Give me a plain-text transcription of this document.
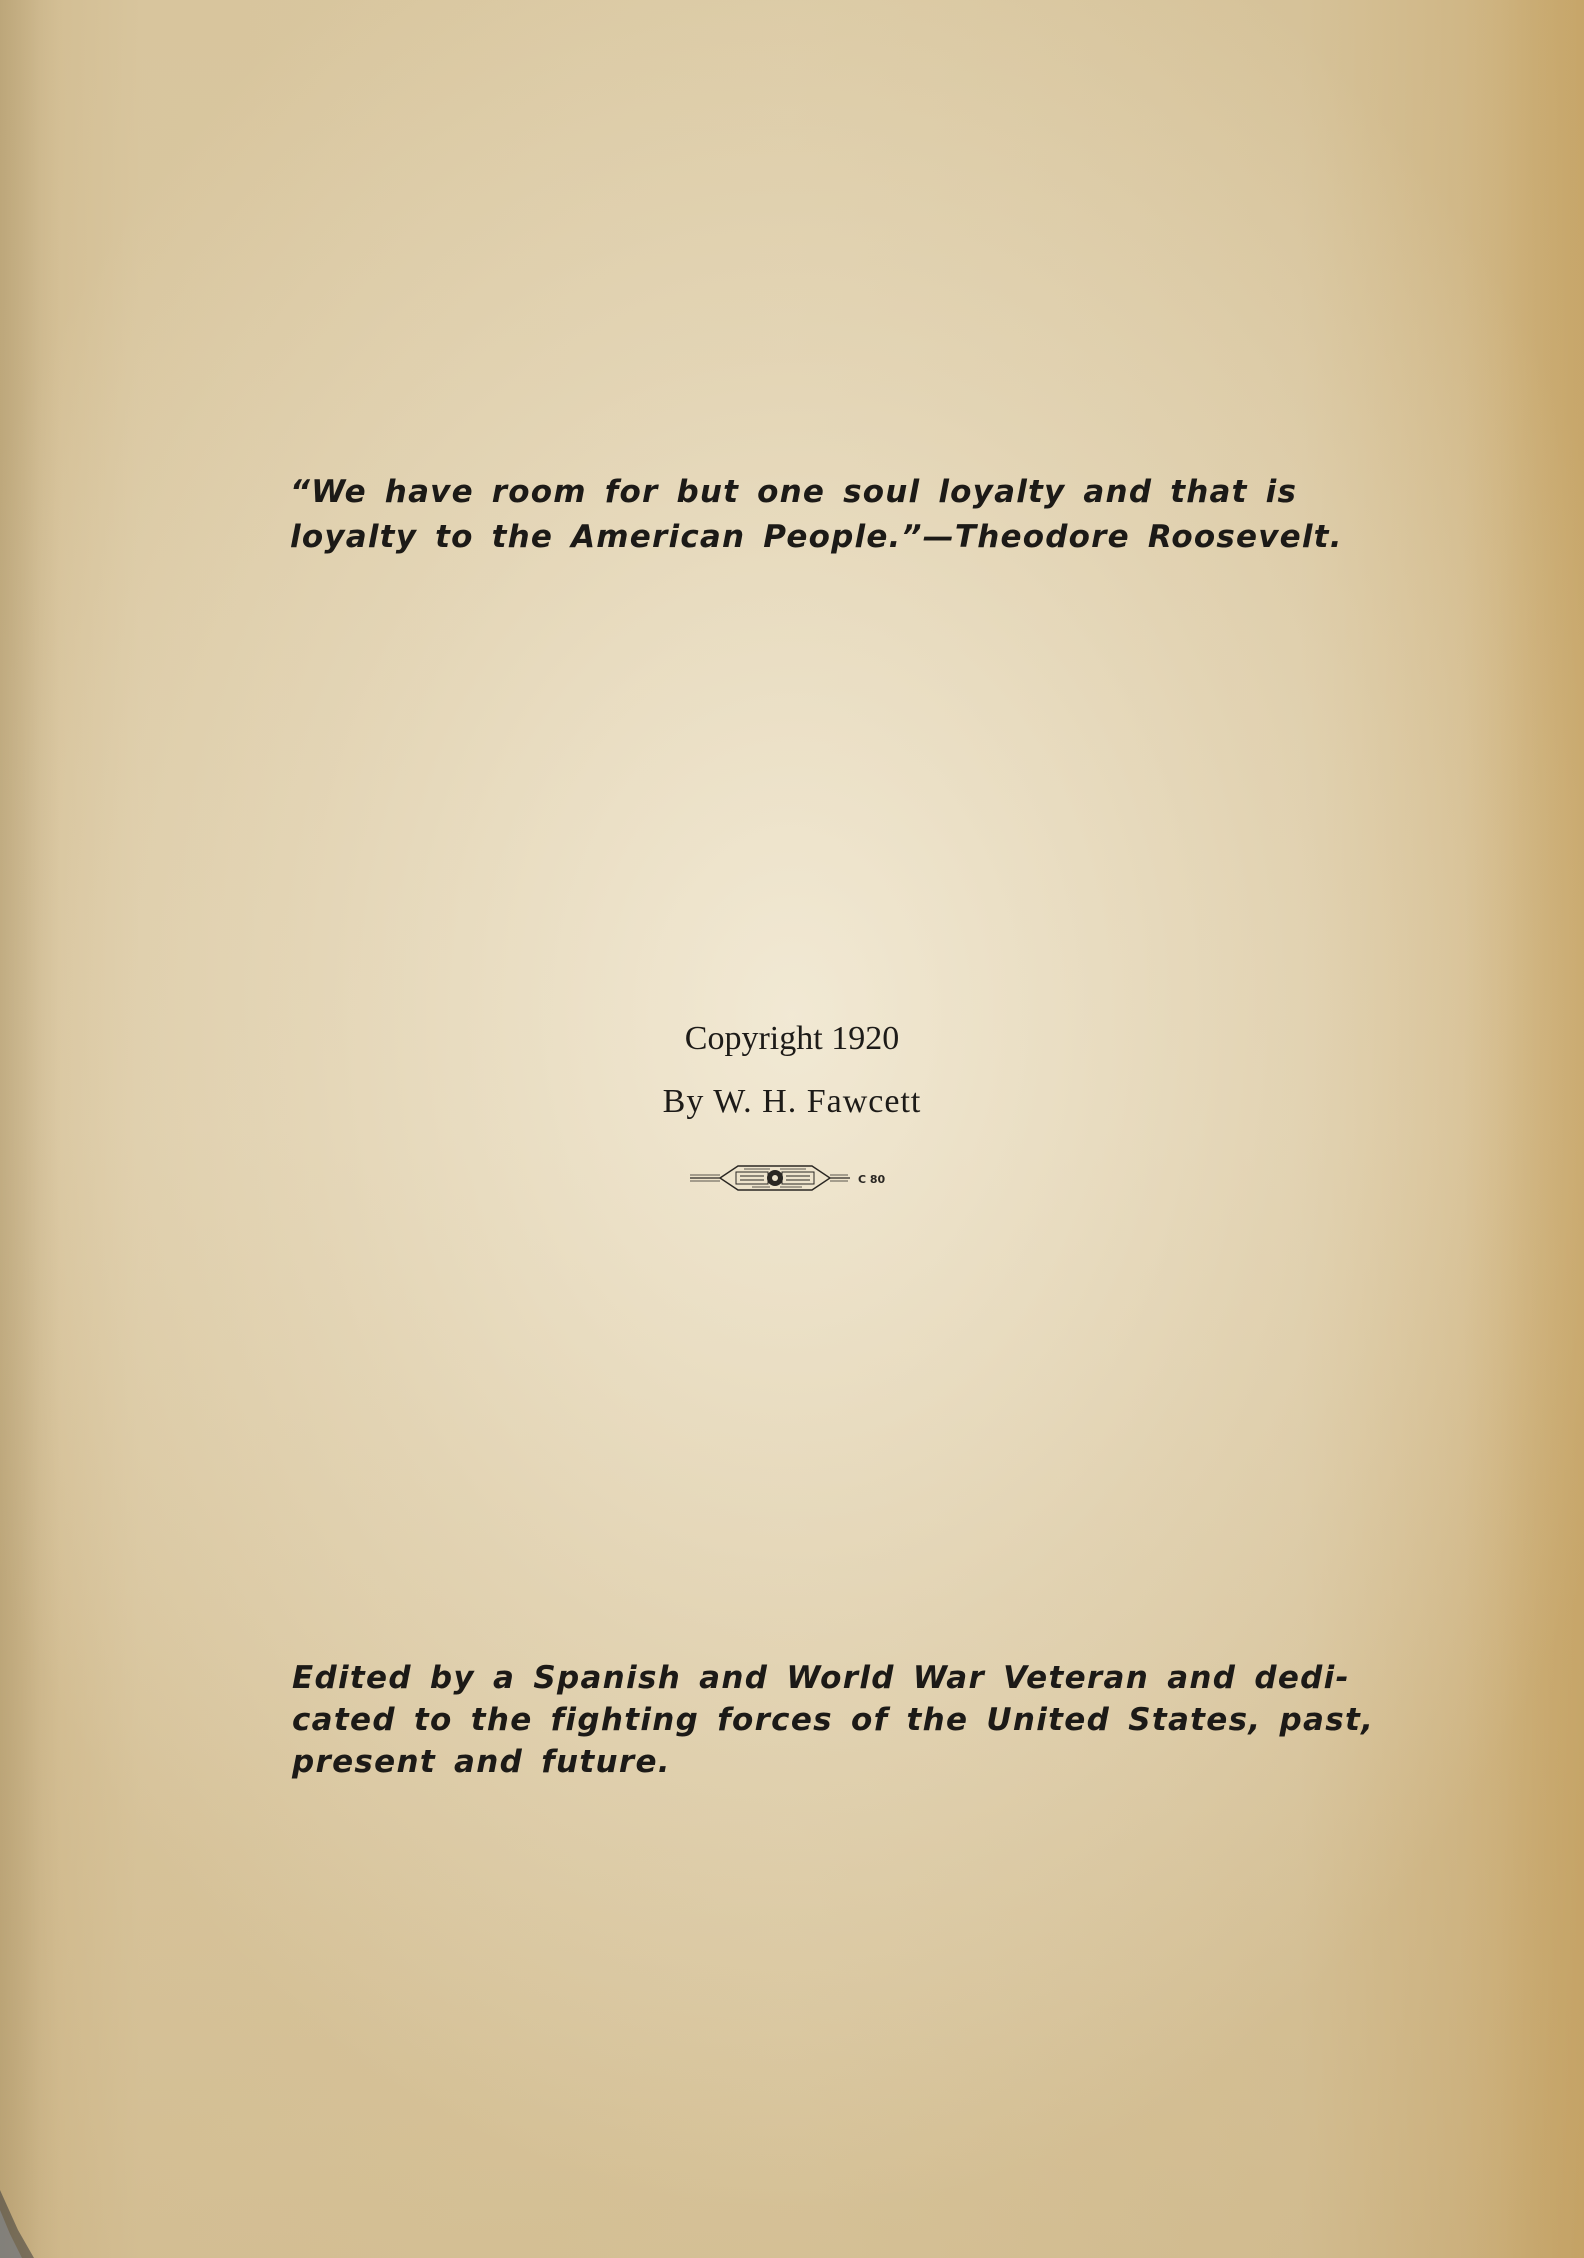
“We have room for but one soul loyalty and that is
loyalty to the American People.”—Theodore Roosevelt.

Copyright 1920

By W. H. Fawcett

C 80

Edited by a Spanish and World War Veteran and dedi-
cated to the fighting forces of the United States, past,
present and future.
